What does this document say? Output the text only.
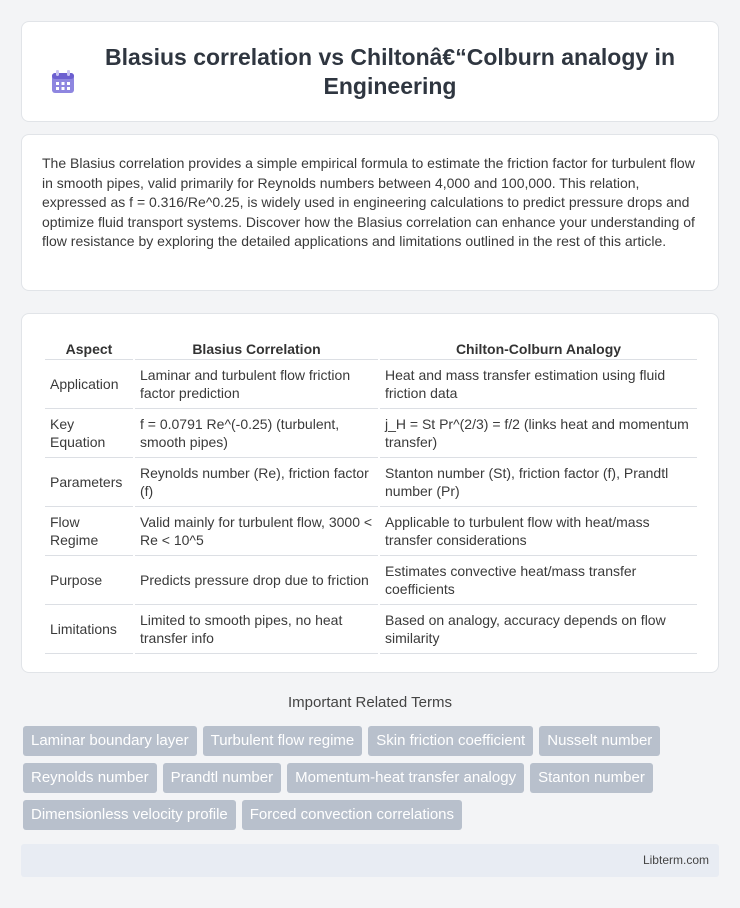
Blasius correlation vs Chiltonâ€“Colburn analogy in Engineering

The Blasius correlation provides a simple empirical formula to estimate the friction factor for turbulent flow in smooth pipes, valid primarily for Reynolds numbers between 4,000 and 100,000. This relation, expressed as f = 0.316/Re^0.25, is widely used in engineering calculations to predict pressure drops and optimize fluid transport systems. Discover how the Blasius correlation can enhance your understanding of flow resistance by exploring the detailed applications and limitations outlined in the rest of this article.

Aspect	Blasius Correlation	Chilton-Colburn Analogy
Application	Laminar and turbulent flow friction factor prediction	Heat and mass transfer estimation using fluid friction data
Key Equation	f = 0.0791 Re^(-0.25) (turbulent, smooth pipes)	j_H = St Pr^(2/3) = f/2 (links heat and momentum transfer)
Parameters	Reynolds number (Re), friction factor (f)	Stanton number (St), friction factor (f), Prandtl number (Pr)
Flow Regime	Valid mainly for turbulent flow, 3000 < Re < 10^5	Applicable to turbulent flow with heat/mass transfer considerations
Purpose	Predicts pressure drop due to friction	Estimates convective heat/mass transfer coefficients
Limitations	Limited to smooth pipes, no heat transfer info	Based on analogy, accuracy depends on flow similarity
Important Related Terms
Laminar boundary layer	Turbulent flow regime	Skin friction coefficient	Nusselt number
Reynolds number	Prandtl number	Momentum-heat transfer analogy	Stanton number
Dimensionless velocity profile	Forced convection correlations
Libterm.com
